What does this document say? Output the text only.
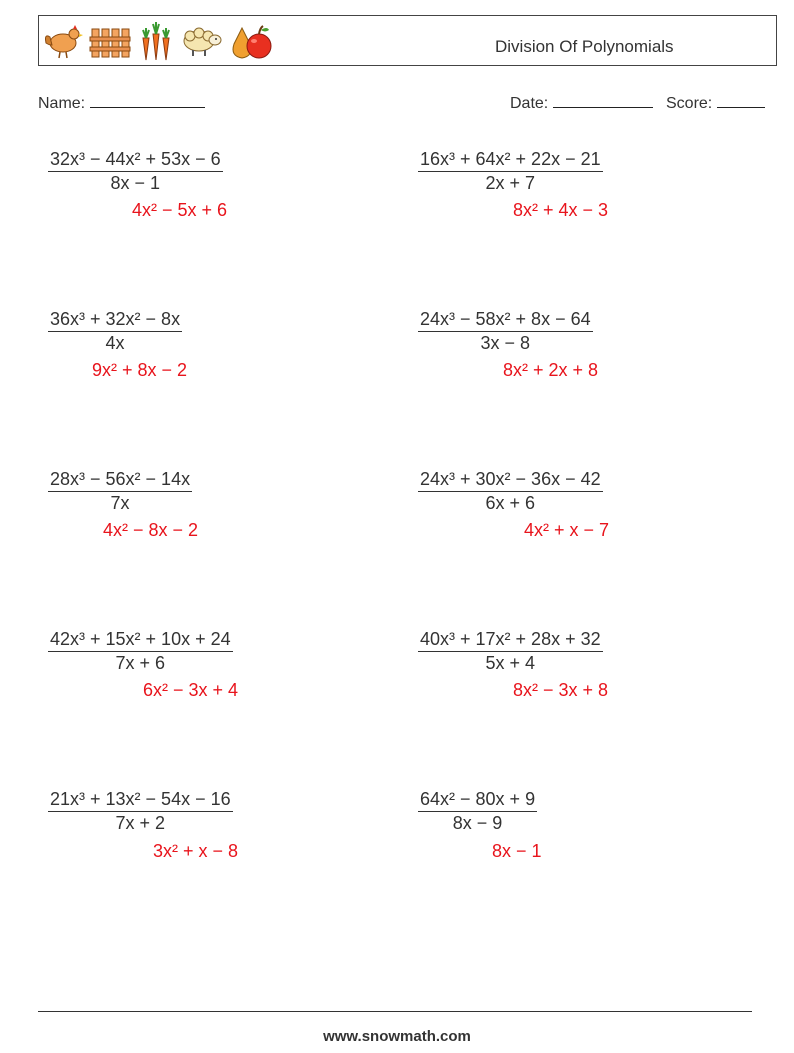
Division Of Polynomials
Name:	Date:	Score:
$\frac{\text{32x³ − 44x² + 53x − 6}}{8x - 1}$
4x² − 5x + 6
$\frac{\text{16x³ + 64x² + 22x − 21}}{2x + 7}$
8x² + 4x − 3
$\frac{\text{36x³ + 32x² − 8x}}{4x}$
9x² + 8x − 2
$\frac{\text{24x³ − 58x² + 8x − 64}}{3x - 8}$
8x² + 2x + 8
$\frac{\text{28x³ − 56x² − 14x}}{7x}$
4x² − 8x − 2
$\frac{\text{24x³ + 30x² − 36x − 42}}{6x + 6}$
4x² + x − 7
$\frac{\text{42x³ + 15x² + 10x + 24}}{7x + 6}$
6x² − 3x + 4
$\frac{\text{40x³ + 17x² + 28x + 32}}{5x + 4}$
8x² − 3x + 8
$\frac{\text{21x³ + 13x² − 54x − 16}}{7x + 2}$
3x² + x − 8
$\frac{\text{64x² − 80x + 9}}{8x - 9}$
8x − 1
www.snowmath.com
